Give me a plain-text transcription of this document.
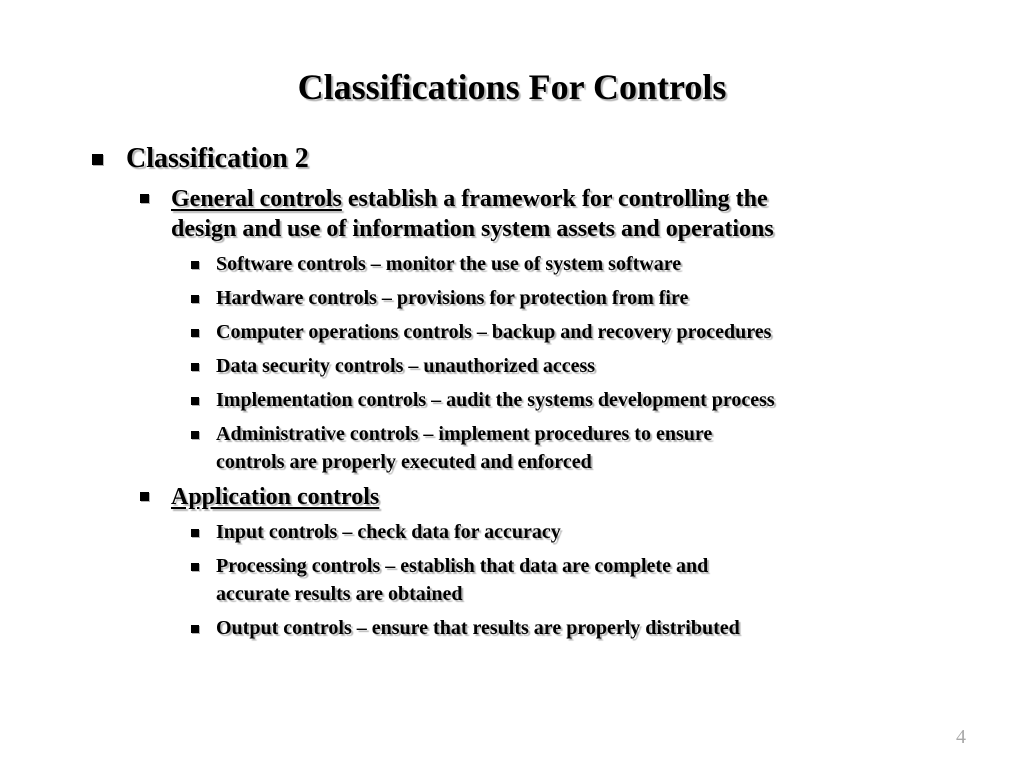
Classifications For Controls
Classification 2
General controls establish a framework for controlling the
design and use of information system assets and operations
Software controls – monitor the use of system software
Hardware controls – provisions for protection from fire
Computer operations controls – backup and recovery procedures
Data security controls – unauthorized access
Implementation controls – audit the systems development process
Administrative controls – implement procedures to ensure
controls are properly executed and enforced
Application controls
Input controls – check data for accuracy
Processing controls – establish that data are complete and
accurate results are obtained
Output controls – ensure that results are properly distributed
4
